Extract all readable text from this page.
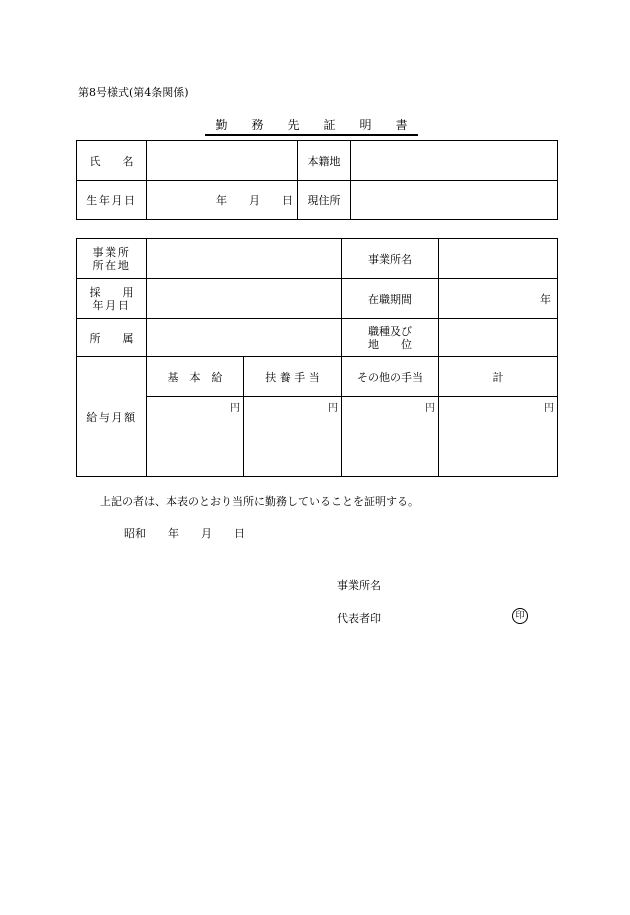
第8号様式(第4条関係)
勤　　務　　先　　証　　明　　書
氏　　名		本籍地	
生年月日	年　　月　　日	現住所	
事業所
所在地			事業所名	

採　　用
年月日			在職期間	年
所　　属			職種及び
地　　位	

給与月額	基　本　給	扶 養 手 当	その他の手当	計
	円	円	円	円
上記の者は、本表のとおり当所に勤務していることを証明する。
昭和　　年　　月　　日
事業所名
代表者印	印
